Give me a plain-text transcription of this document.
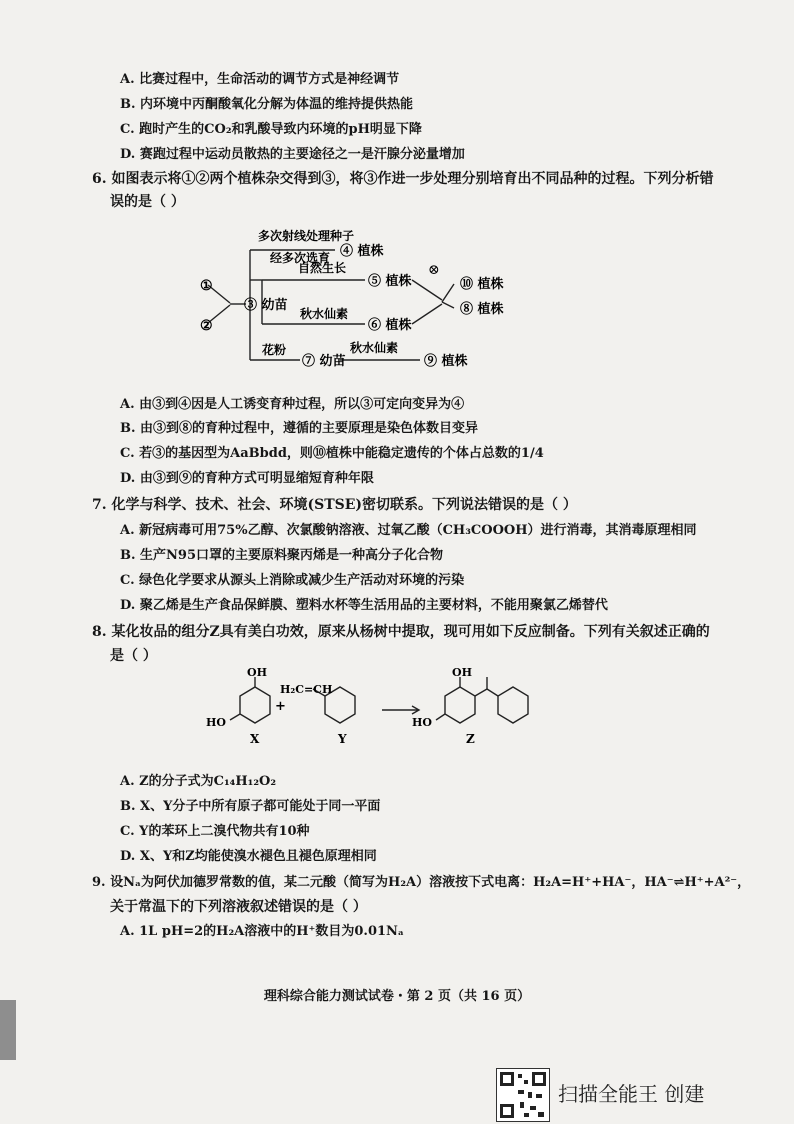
A. 比赛过程中，生命活动的调节方式是神经调节
B. 内环境中丙酮酸氧化分解为体温的维持提供热能
C. 跑时产生的CO₂和乳酸导致内环境的pH明显下降
D. 赛跑过程中运动员散热的主要途径之一是汗腺分泌量增加
6. 如图表示将①②两个植株杂交得到③，将③作进一步处理分别培育出不同品种的过程。下列分析错
误的是（ ）
①
②
③ 幼苗
多次射线处理种子
经多次选育 ④ 植株
自然生长
⑤ 植株
⊗
⑩ 植株
⑧ 植株
秋水仙素
⑥ 植株
花粉
⑦ 幼苗
秋水仙素
⑨ 植株
A. 由③到④因是人工诱变育种过程，所以③可定向变异为④
B. 由③到⑧的育种过程中，遵循的主要原理是染色体数目变异
C. 若③的基因型为AaBbdd，则⑩植株中能稳定遗传的个体占总数的1/4
D. 由③到⑨的育种方式可明显缩短育种年限
7. 化学与科学、技术、社会、环境(STSE)密切联系。下列说法错误的是（ ）
A. 新冠病毒可用75%乙醇、次氯酸钠溶液、过氧乙酸（CH₃COOOH）进行消毒，其消毒原理相同
B. 生产N95口罩的主要原料聚丙烯是一种高分子化合物
C. 绿色化学要求从源头上消除或减少生产活动对环境的污染
D. 聚乙烯是生产食品保鲜膜、塑料水杯等生活用品的主要材料，不能用聚氯乙烯替代
8. 某化妆品的组分Z具有美白功效，原来从杨树中提取，现可用如下反应制备。下列有关叙述正确的
是（ ）
OH
HO
X
+
H₂C=CH
Y
OH
HO
Z
A. Z的分子式为C₁₄H₁₂O₂
B. X、Y分子中所有原子都可能处于同一平面
C. Y的苯环上二溴代物共有10种
D. X、Y和Z均能使溴水褪色且褪色原理相同
9. 设Nₐ为阿伏加德罗常数的值，某二元酸（简写为H₂A）溶液按下式电离：H₂A=H⁺+HA⁻，HA⁻⇌H⁺+A²⁻，
关于常温下的下列溶液叙述错误的是（ ）
A. 1L pH=2的H₂A溶液中的H⁺数目为0.01Nₐ
理科综合能力测试试卷・第 2 页（共 16 页）
扫描全能王 创建
